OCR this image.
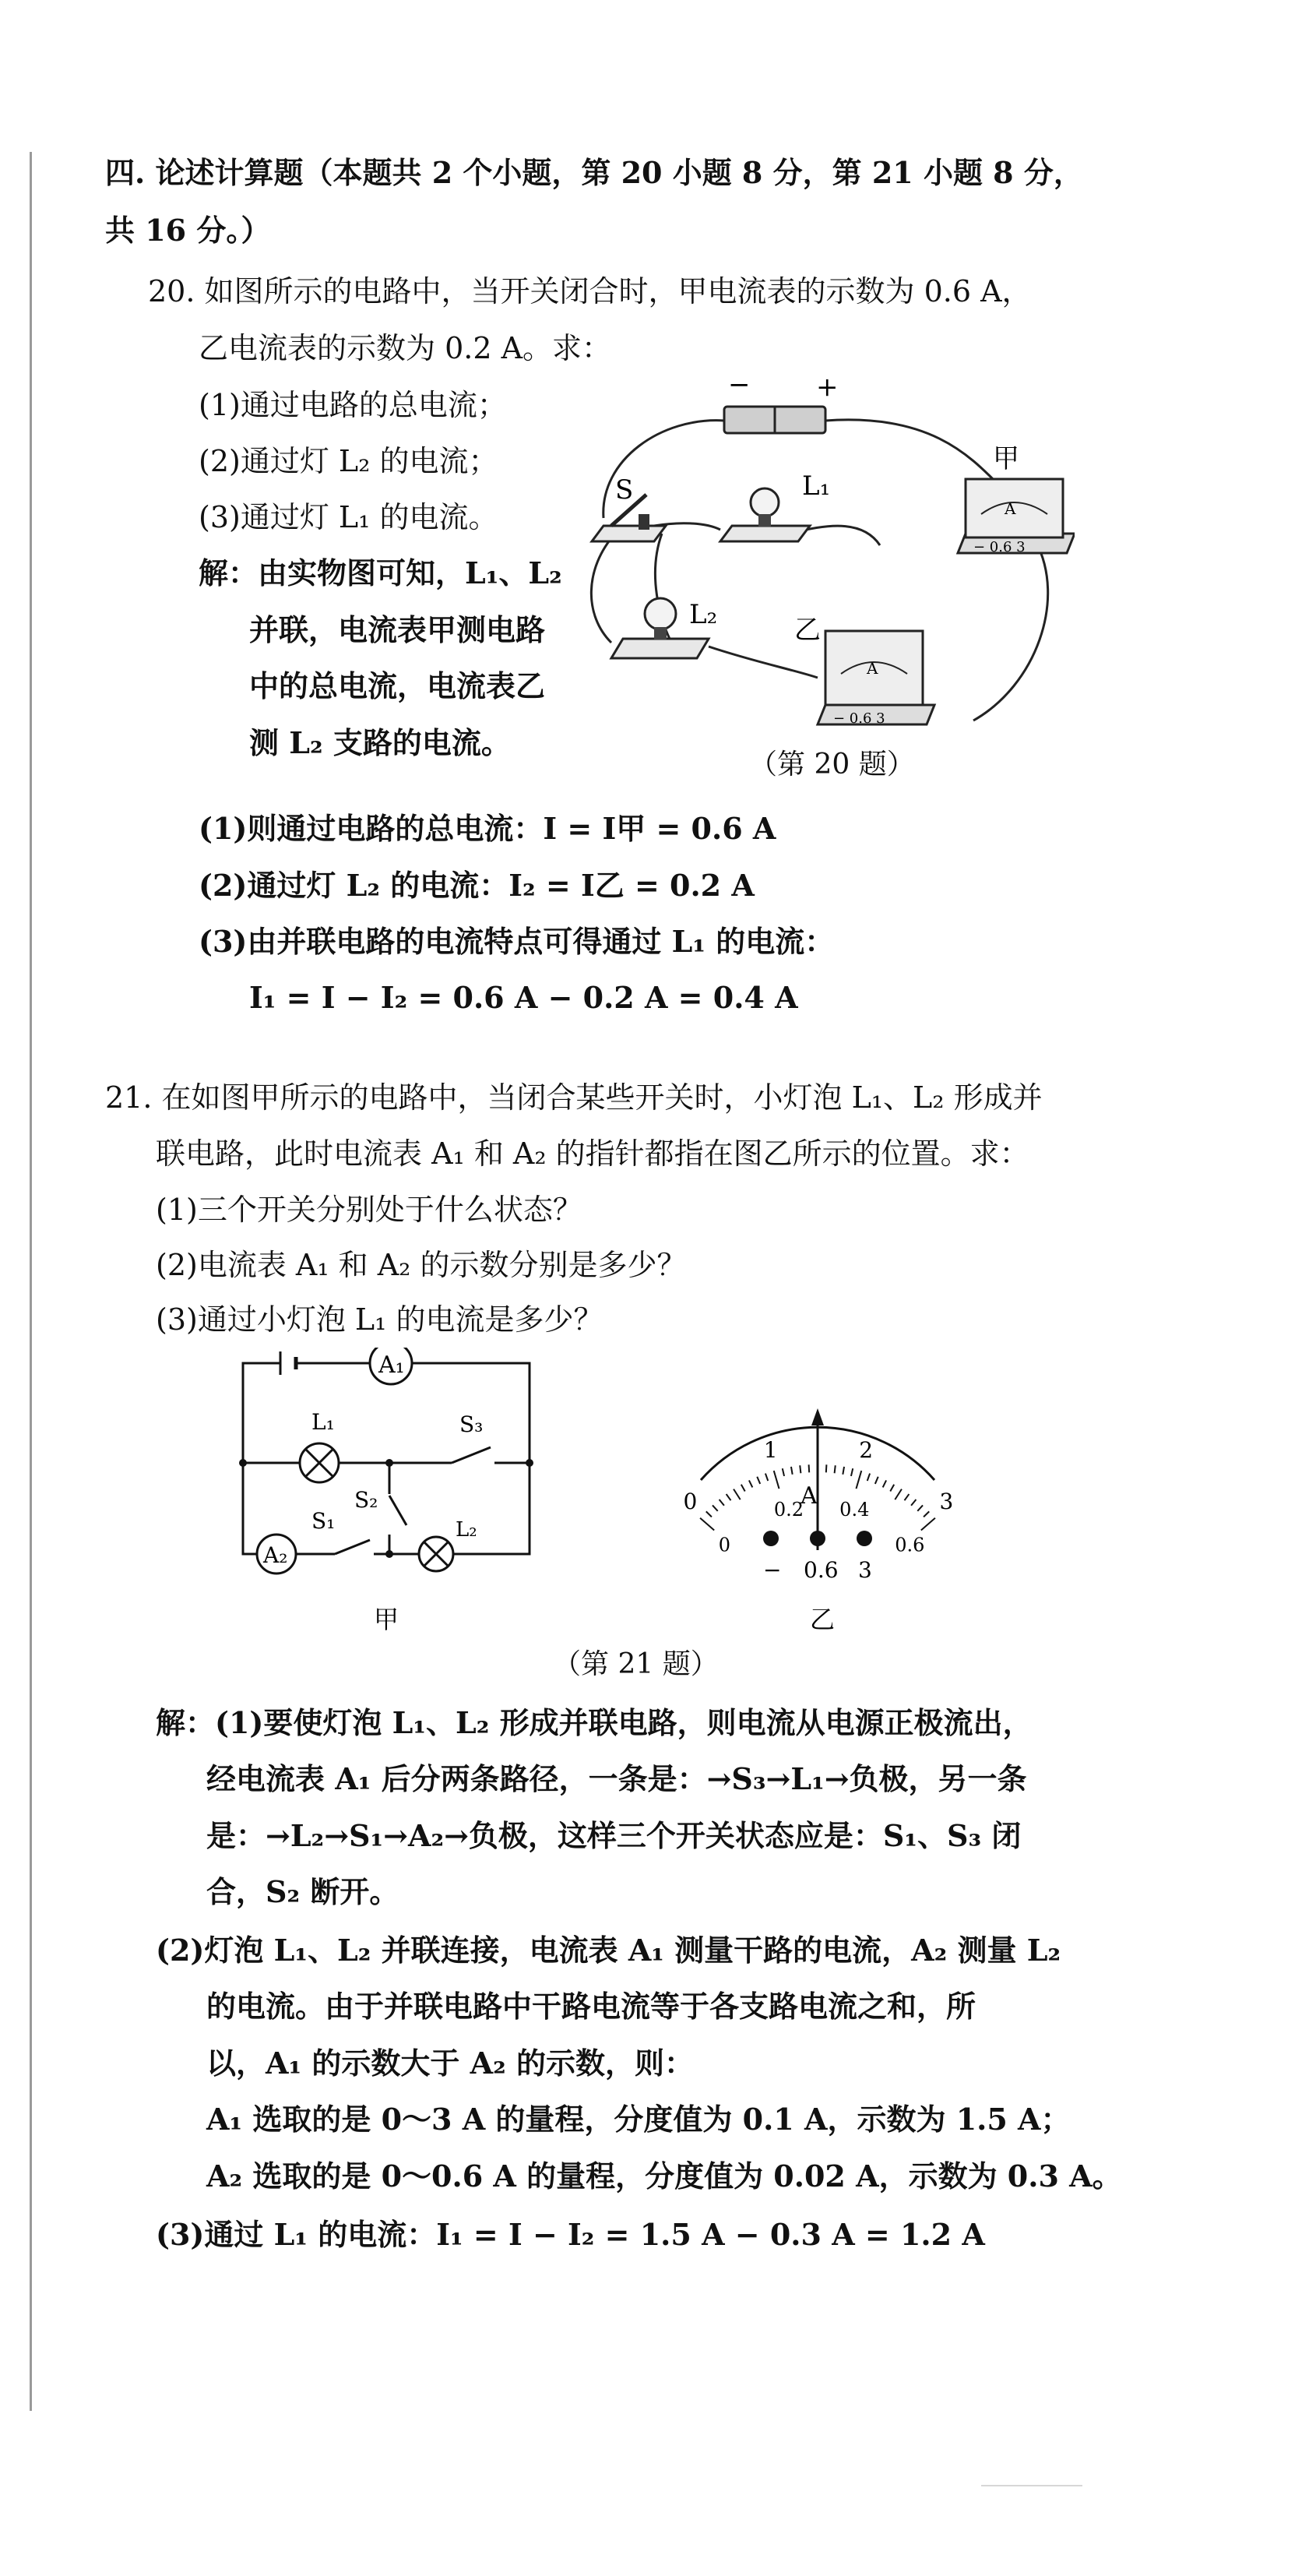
四. 论述计算题（本题共 2 个小题，第 20 小题 8 分，第 21 小题 8 分，
共 16 分。）
20. 如图所示的电路中，当开关闭合时，甲电流表的示数为 0.6 A，
乙电流表的示数为 0.2 A。求：
(1)通过电路的总电流；
(2)通过灯 L₂ 的电流；
(3)通过灯 L₁ 的电流。
解：由实物图可知，L₁、L₂
并联，电流表甲测电路
中的总电流，电流表乙
测 L₂ 支路的电流。
− +
S	L₁
A
− 0.6 3
甲
L₂
A
− 0.6 3
乙
（第 20 题）
(1)则通过电路的总电流：I = I甲 = 0.6 A
(2)通过灯 L₂ 的电流：I₂ = I乙 = 0.2 A
(3)由并联电路的电流特点可得通过 L₁ 的电流：
I₁ = I − I₂ = 0.6 A − 0.2 A = 0.4 A
21. 在如图甲所示的电路中，当闭合某些开关时，小灯泡 L₁、L₂ 形成并
联电路，此时电流表 A₁ 和 A₂ 的指针都指在图乙所示的位置。求：
(1)三个开关分别处于什么状态？
(2)电流表 A₁ 和 A₂ 的示数分别是多少？
(3)通过小灯泡 L₁ 的电流是多少？
A₁
L₁	S₃
S₂
A₂
S₁	L₂
甲
0
1	2
3
0
0.2 0.4
0.6
A
− 0.6 3
乙
（第 21 题）
解：(1)要使灯泡 L₁、L₂ 形成并联电路，则电流从电源正极流出，
经电流表 A₁ 后分两条路径，一条是：→S₃→L₁→负极，另一条
是：→L₂→S₁→A₂→负极，这样三个开关状态应是：S₁、S₃ 闭
合，S₂ 断开。
(2)灯泡 L₁、L₂ 并联连接，电流表 A₁ 测量干路的电流，A₂ 测量 L₂
的电流。由于并联电路中干路电流等于各支路电流之和，所
以，A₁ 的示数大于 A₂ 的示数，则：
A₁ 选取的是 0～3 A 的量程，分度值为 0.1 A，示数为 1.5 A；
A₂ 选取的是 0～0.6 A 的量程，分度值为 0.02 A，示数为 0.3 A。
(3)通过 L₁ 的电流：I₁ = I − I₂ = 1.5 A − 0.3 A = 1.2 A
